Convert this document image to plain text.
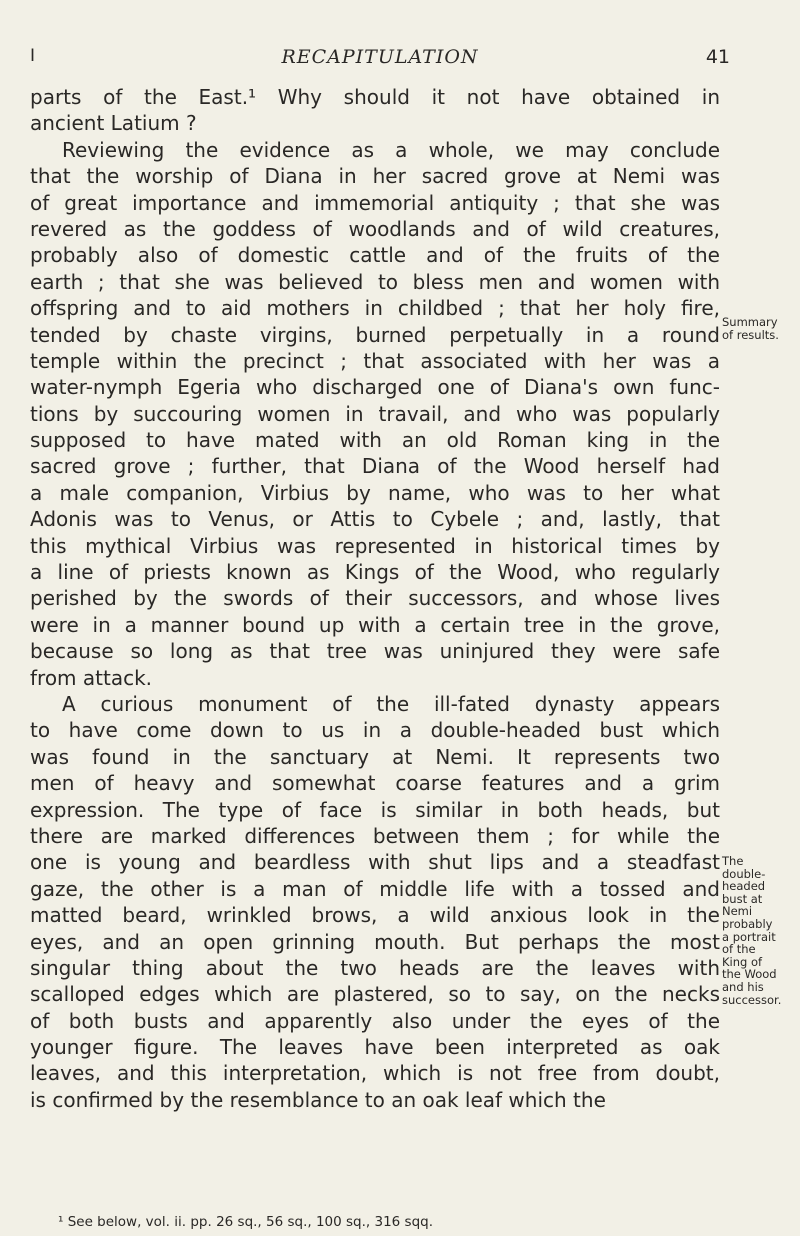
I	RECAPITULATION	41
parts of the East.¹ Why should it not have obtained in
ancient Latium ?
Reviewing the evidence as a whole, we may conclude
that the worship of Diana in her sacred grove at Nemi was
of great importance and immemorial antiquity ; that she was
revered as the goddess of woodlands and of wild creatures,
probably also of domestic cattle and of the fruits of the
earth ; that she was believed to bless men and women with
offspring and to aid mothers in childbed ; that her holy fire,
tended by chaste virgins, burned perpetually in a round
temple within the precinct ; that associated with her was a
water-nymph Egeria who discharged one of Diana's own func-
tions by succouring women in travail, and who was popularly
supposed to have mated with an old Roman king in the
sacred grove ; further, that Diana of the Wood herself had
a male companion, Virbius by name, who was to her what
Adonis was to Venus, or Attis to Cybele ; and, lastly, that
this mythical Virbius was represented in historical times by
a line of priests known as Kings of the Wood, who regularly
perished by the swords of their successors, and whose lives
were in a manner bound up with a certain tree in the grove,
because so long as that tree was uninjured they were safe
from attack.
A curious monument of the ill-fated dynasty appears
to have come down to us in a double-headed bust which
was found in the sanctuary at Nemi. It represents two
men of heavy and somewhat coarse features and a grim
expression. The type of face is similar in both heads, but
there are marked differences between them ; for while the
one is young and beardless with shut lips and a steadfast
gaze, the other is a man of middle life with a tossed and
matted beard, wrinkled brows, a wild anxious look in the
eyes, and an open grinning mouth. But perhaps the most
singular thing about the two heads are the leaves with
scalloped edges which are plastered, so to say, on the necks
of both busts and apparently also under the eyes of the
younger figure. The leaves have been interpreted as oak
leaves, and this interpretation, which is not free from doubt,
is confirmed by the resemblance to an oak leaf which the
Summary
of results.
The
double-
headed
bust at
Nemi
probably
a portrait
of the
King of
the Wood
and his
successor.
¹ See below, vol. ii. pp. 26 sq., 56 sq., 100 sq., 316 sqq.
